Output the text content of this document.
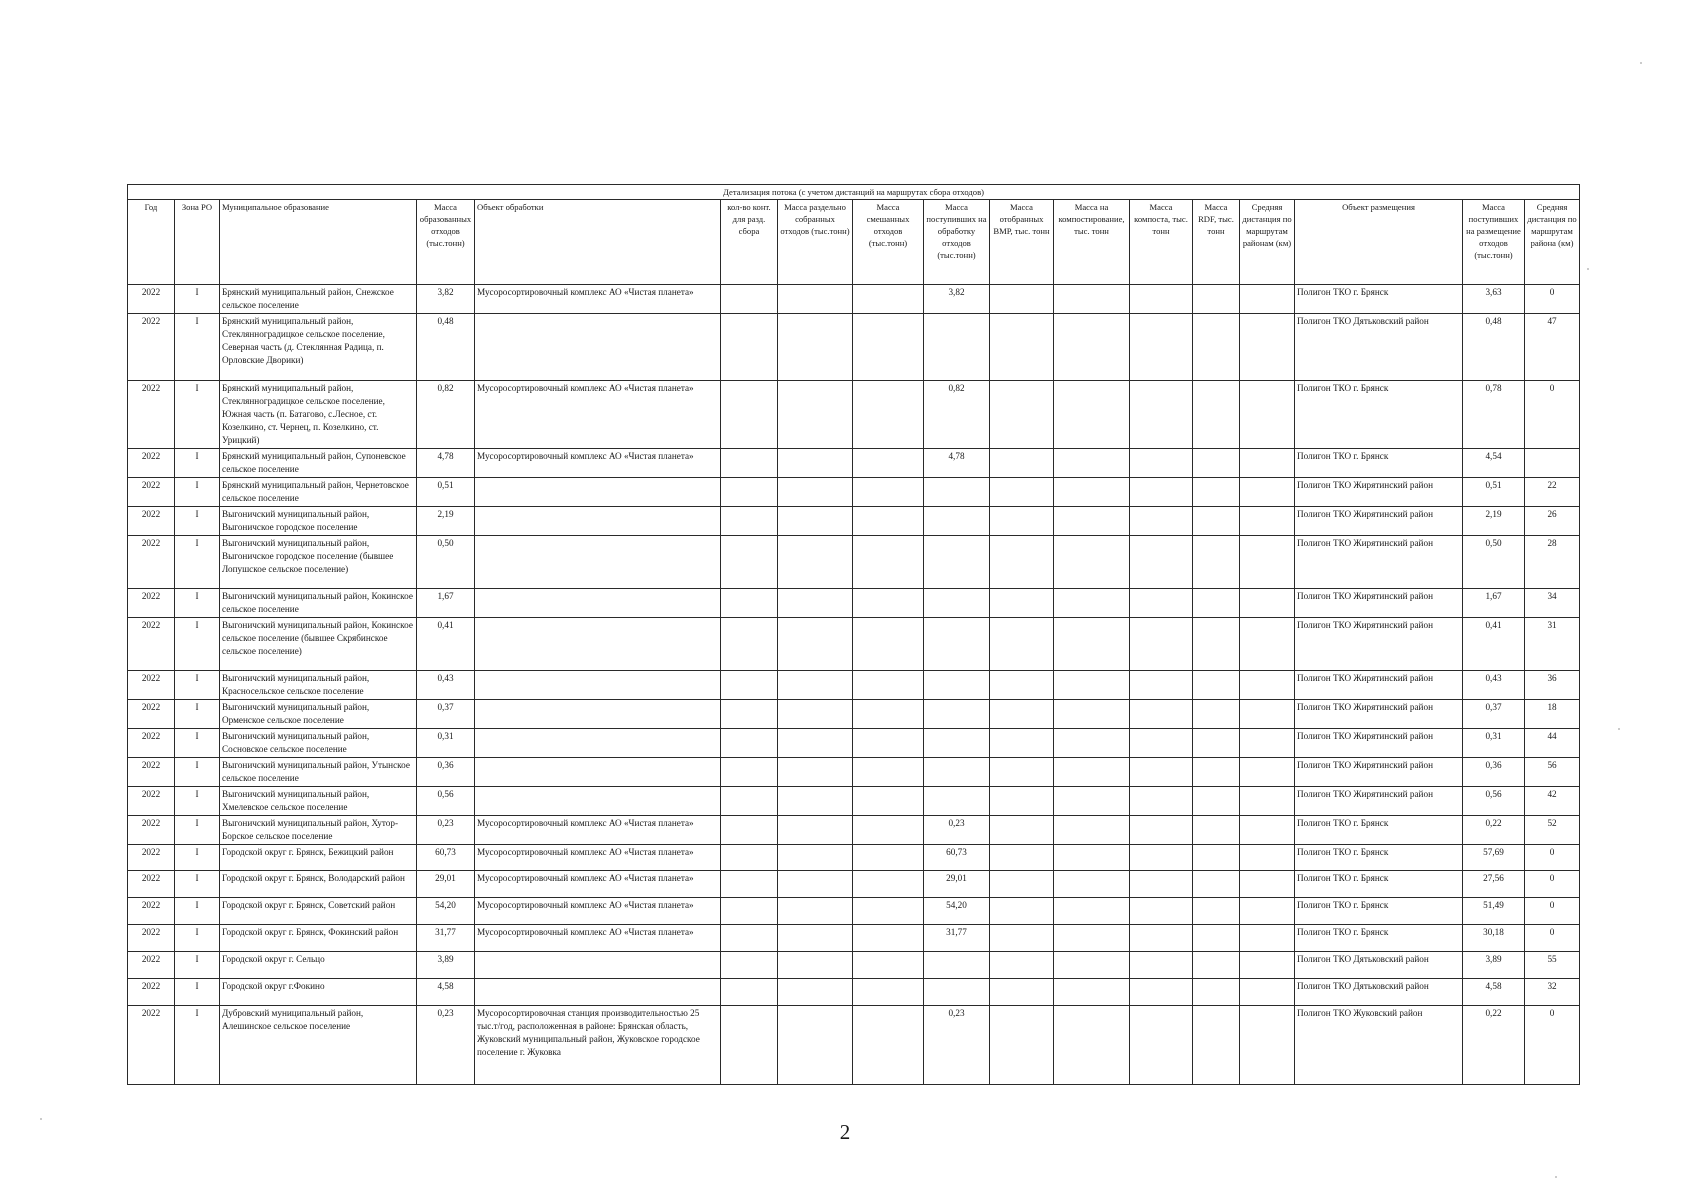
Детализация потока (с учетом дистанций на маршрутах сбора отходов)																
Год	Зона РО	Муниципальное образование	Масса образованных отходов (тыс.тонн)	Объект обработки	кол-во конт. для разд. сбора	Масса раздельно собранных отходов (тыс.тонн)	Масса смешанных отходов (тыс.тонн)	Масса поступивших на обработку отходов (тыс.тонн)	Масса отобранных ВМР, тыс. тонн	Масса на компостирование, тыс. тонн	Масса компоста, тыс. тонн	Масса RDF, тыс. тонн	Средняя дистанция по маршрутам районам (км)	Объект размещения	Масса поступивших на размещение отходов (тыс.тонн)	Средняя дистанция по маршрутам района (км)
2022	I	Брянский муниципальный район, Снежское сельское поселение	3,82	Мусоросортировочный комплекс АО «Чистая планета»				3,82						Полигон ТКО г. Брянск	3,63	0
2022	I	Брянский муниципальный район, Стеклянноградицкое сельское поселение, Северная часть (д. Стеклянная Радица, п. Орловские Дворики)	0,48											Полигон ТКО Дятьковский район	0,48	47
2022	I	Брянский муниципальный район, Стеклянноградицкое сельское поселение, Южная часть (п. Батагово, с.Лесное, ст. Козелкино, ст. Чернец, п. Козелкино, ст. Урицкий)	0,82	Мусоросортировочный комплекс АО «Чистая планета»				0,82						Полигон ТКО г. Брянск	0,78	0
2022	I	Брянский муниципальный район, Супоневское сельское поселение	4,78	Мусоросортировочный комплекс АО «Чистая планета»				4,78						Полигон ТКО г. Брянск	4,54	
2022	I	Брянский муниципальный район, Чернетовское сельское поселение	0,51											Полигон ТКО Жирятинский район	0,51	22
2022	I	Выгоничский муниципальный район, Выгоничское городское поселение	2,19											Полигон ТКО Жирятинский район	2,19	26
2022	I	Выгоничский муниципальный район, Выгоничское городское поселение (бывшее Лопушское сельское поселение)	0,50											Полигон ТКО Жирятинский район	0,50	28
2022	I	Выгоничский муниципальный район, Кокинское сельское поселение	1,67											Полигон ТКО Жирятинский район	1,67	34
2022	I	Выгоничский муниципальный район, Кокинское сельское поселение (бывшее Скрябинское сельское поселение)	0,41											Полигон ТКО Жирятинский район	0,41	31
2022	I	Выгоничский муниципальный район, Красносельское сельское поселение	0,43											Полигон ТКО Жирятинский район	0,43	36
2022	I	Выгоничский муниципальный район, Орменское сельское поселение	0,37											Полигон ТКО Жирятинский район	0,37	18
2022	I	Выгоничский муниципальный район, Сосновское сельское поселение	0,31											Полигон ТКО Жирятинский район	0,31	44
2022	I	Выгоничский муниципальный район, Утынское сельское поселение	0,36											Полигон ТКО Жирятинский район	0,36	56
2022	I	Выгоничский муниципальный район, Хмелевское сельское поселение	0,56											Полигон ТКО Жирятинский район	0,56	42
2022	I	Выгоничский муниципальный район, Хутор-Борское сельское поселение	0,23	Мусоросортировочный комплекс АО «Чистая планета»				0,23						Полигон ТКО г. Брянск	0,22	52
2022	I	Городской округ г. Брянск, Бежицкий район	60,73	Мусоросортировочный комплекс АО «Чистая планета»				60,73						Полигон ТКО г. Брянск	57,69	0
2022	I	Городской округ г. Брянск, Володарский район	29,01	Мусоросортировочный комплекс АО «Чистая планета»				29,01						Полигон ТКО г. Брянск	27,56	0
2022	I	Городской округ г. Брянск, Советский район	54,20	Мусоросортировочный комплекс АО «Чистая планета»				54,20						Полигон ТКО г. Брянск	51,49	0
2022	I	Городской округ г. Брянск, Фокинский район	31,77	Мусоросортировочный комплекс АО «Чистая планета»				31,77						Полигон ТКО г. Брянск	30,18	0
2022	I	Городской округ г. Сельцо	3,89											Полигон ТКО Дятьковский район	3,89	55
2022	I	Городской округ г.Фокино	4,58											Полигон ТКО Дятьковский район	4,58	32
2022	I	Дубровский муниципальный район, Алешинское сельское поселение	0,23	Мусоросортировочная станция производительностью 25 тыс.т/год, расположенная в районе: Брянская область, Жуковский муниципальный район, Жуковское городское поселение г. Жуковка				0,23						Полигон ТКО Жуковский район	0,22	0
2
